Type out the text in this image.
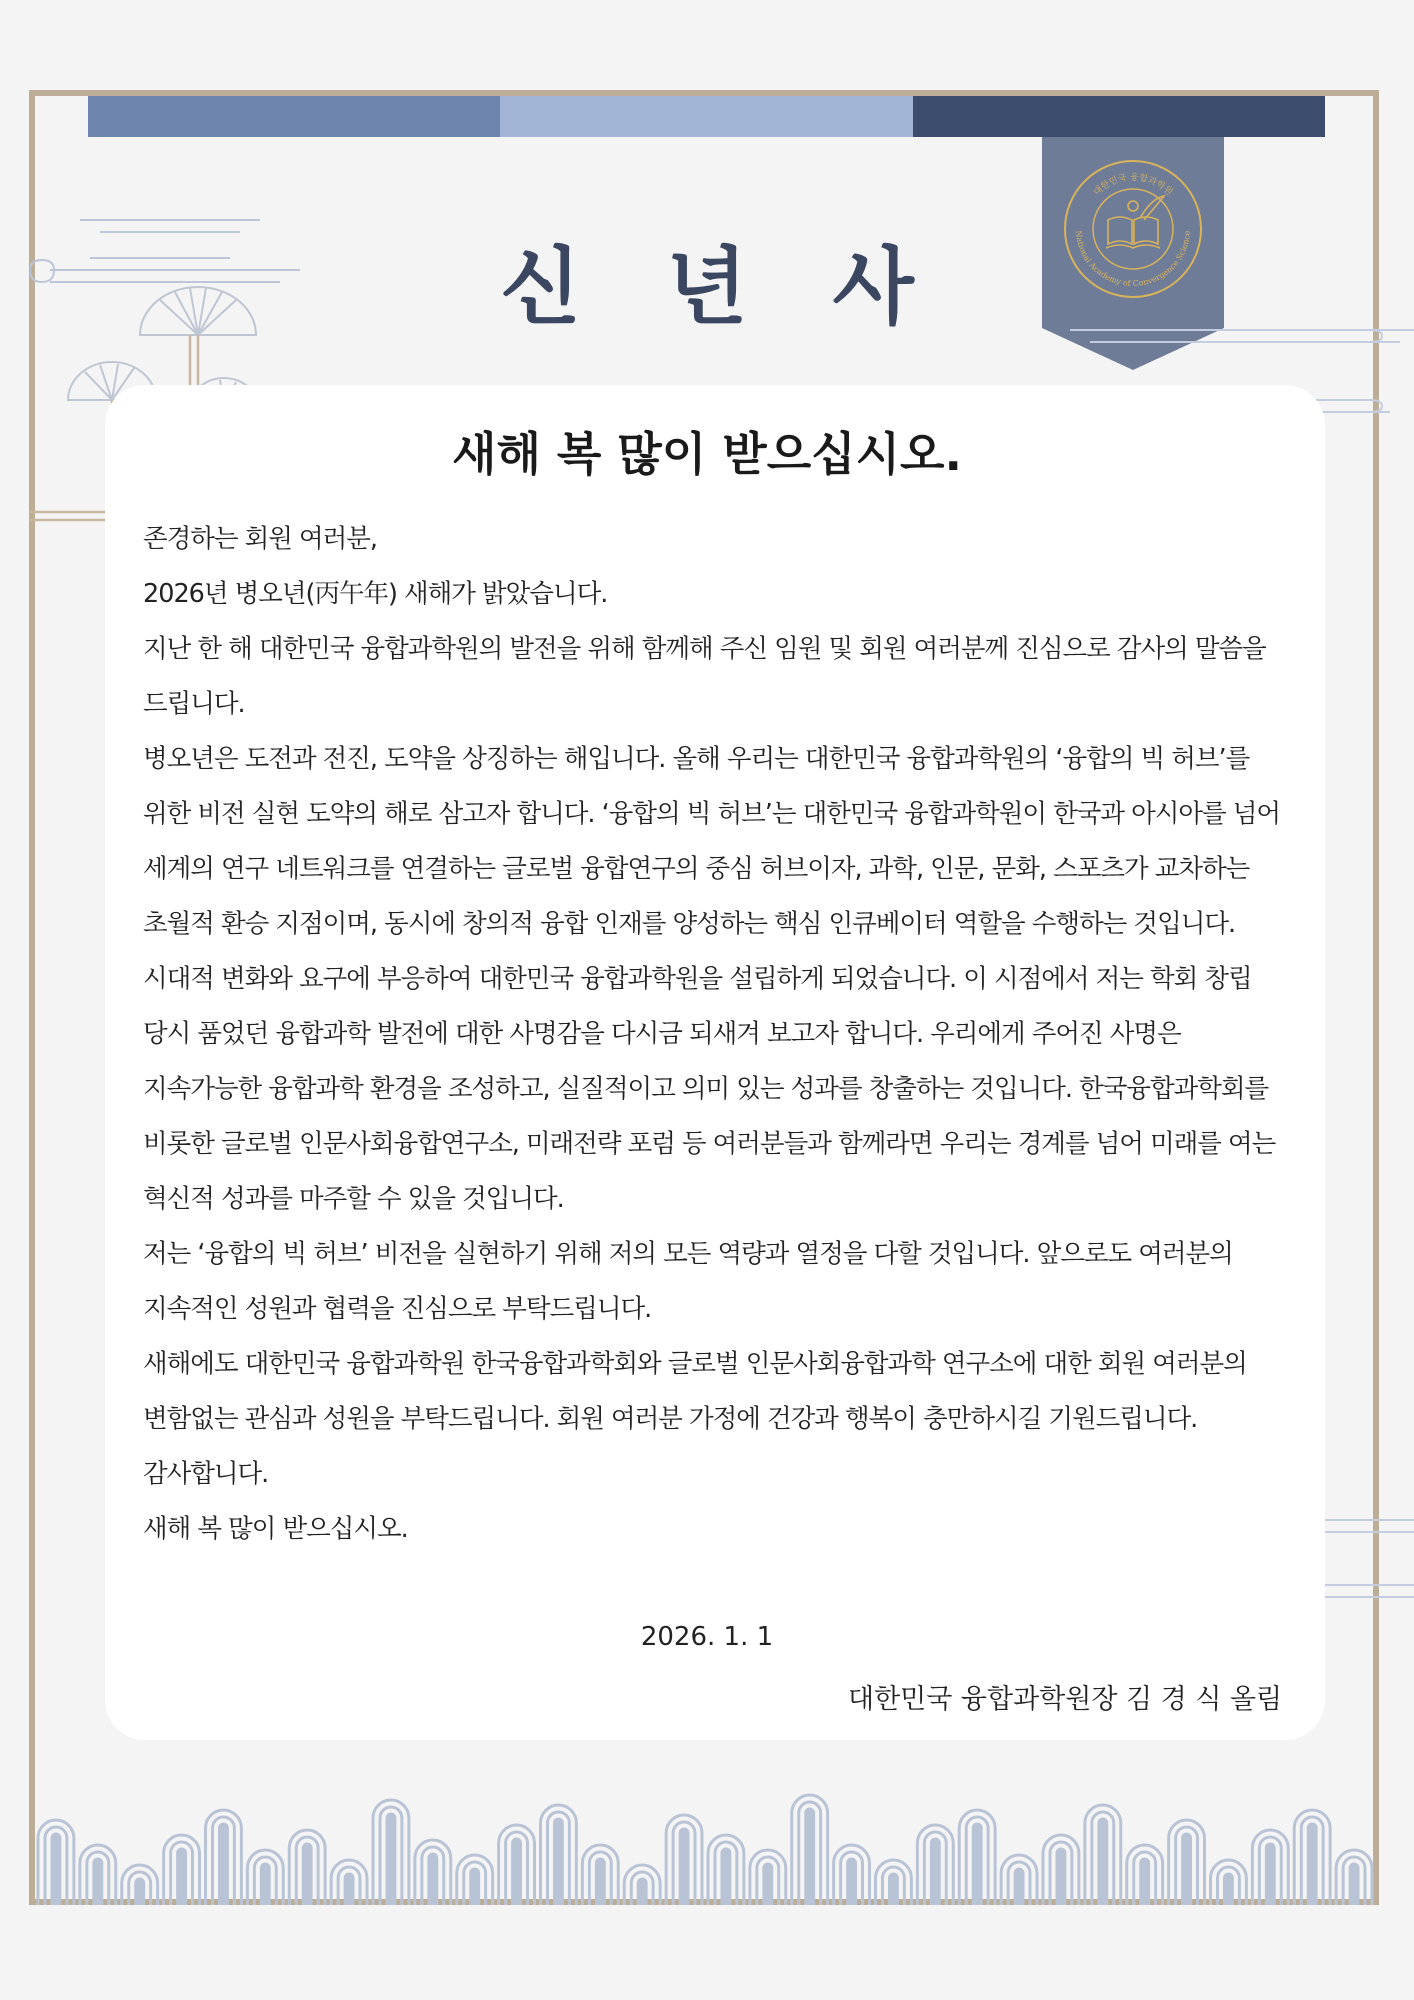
대한민국 융합과학원
National Academy of Convergence Science
신 년 사
새해 복 많이 받으십시오.

존경하는 회원 여러분,

2026년 병오년(丙午年) 새해가 밝았습니다.

지난 한 해 대한민국 융합과학원의 발전을 위해 함께해 주신 임원 및 회원 여러분께 진심으로 감사의 말씀을 드립니다.

병오년은 도전과 전진, 도약을 상징하는 해입니다. 올해 우리는 대한민국 융합과학원의 ‘융합의 빅 허브’를 위한 비전 실현 도약의 해로 삼고자 합니다. ‘융합의 빅 허브’는 대한민국 융합과학원이 한국과 아시아를 넘어 세계의 연구 네트워크를 연결하는 글로벌 융합연구의 중심 허브이자, 과학, 인문, 문화, 스포츠가 교차하는 초월적 환승 지점이며, 동시에 창의적 융합 인재를 양성하는 핵심 인큐베이터 역할을 수행하는 것입니다.

시대적 변화와 요구에 부응하여 대한민국 융합과학원을 설립하게 되었습니다. 이 시점에서 저는 학회 창립 당시 품었던 융합과학 발전에 대한 사명감을 다시금 되새겨 보고자 합니다. 우리에게 주어진 사명은 지속가능한 융합과학 환경을 조성하고, 실질적이고 의미 있는 성과를 창출하는 것입니다. 한국융합과학회를 비롯한 글로벌 인문사회융합연구소, 미래전략 포럼 등 여러분들과 함께라면 우리는 경계를 넘어 미래를 여는 혁신적 성과를 마주할 수 있을 것입니다.

저는 ‘융합의 빅 허브’ 비전을 실현하기 위해 저의 모든 역량과 열정을 다할 것입니다. 앞으로도 여러분의 지속적인 성원과 협력을 진심으로 부탁드립니다.

새해에도 대한민국 융합과학원 한국융합과학회와 글로벌 인문사회융합과학 연구소에 대한 회원 여러분의 변함없는 관심과 성원을 부탁드립니다. 회원 여러분 가정에 건강과 행복이 충만하시길 기원드립니다.

감사합니다.

새해 복 많이 받으십시오.

2026. 1. 1
대한민국 융합과학원장 김 경 식 올림
